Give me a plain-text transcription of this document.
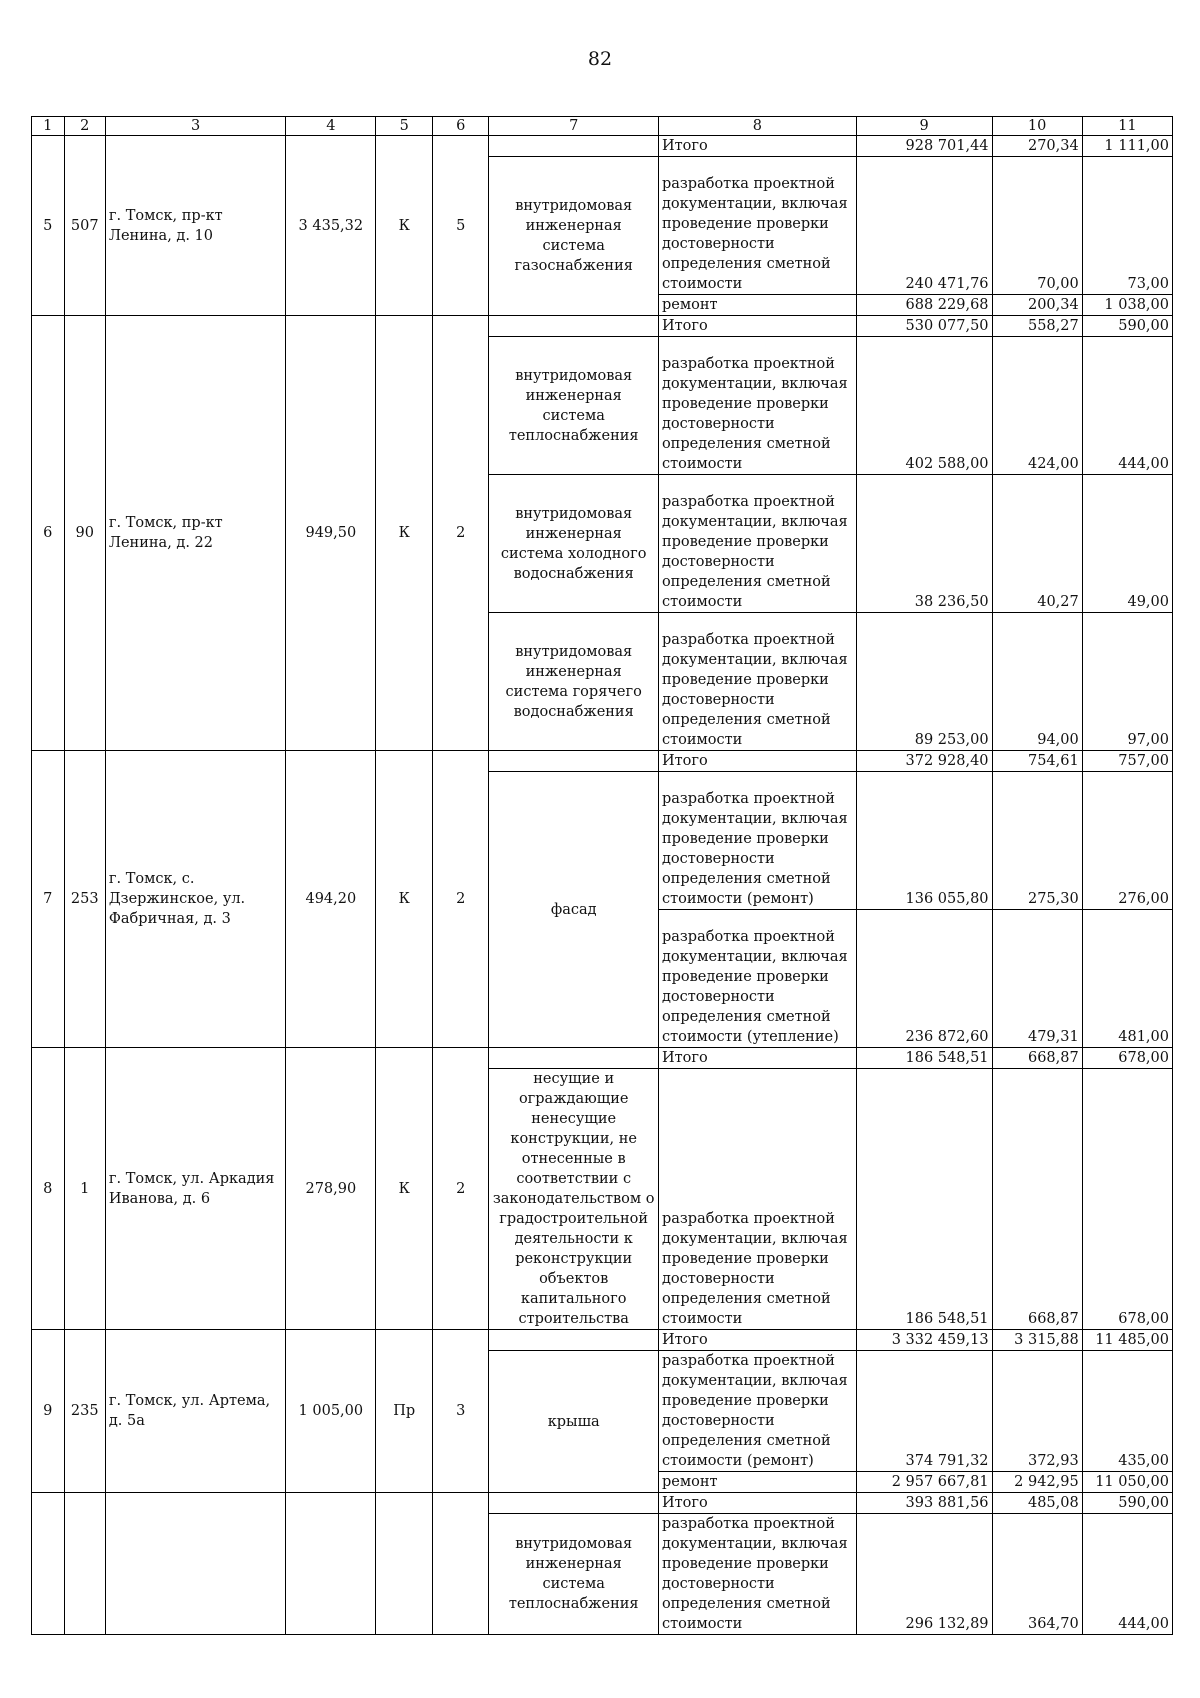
82
1	2	3	4	5	6	7	8	9	10	11
5	507	г. Томск, пр-кт Ленина, д. 10	3 435,32	К	5		Итого	928 701,44	270,34	1 111,00
						внутридомовая инженерная система газоснабжения	разработка проектной документации, включая проведение проверки достоверности определения сметной стоимости	240 471,76	70,00	73,00
							ремонт	688 229,68	200,34	1 038,00
6	90	г. Томск, пр-кт Ленина, д. 22	949,50	К	2		Итого	530 077,50	558,27	590,00
						внутридомовая инженерная система теплоснабжения	разработка проектной документации, включая проведение проверки достоверности определения сметной стоимости	402 588,00	424,00	444,00
						внутридомовая инженерная система холодного водоснабжения	разработка проектной документации, включая проведение проверки достоверности определения сметной стоимости	38 236,50	40,27	49,00
						внутридомовая инженерная система горячего водоснабжения	разработка проектной документации, включая проведение проверки достоверности определения сметной стоимости	89 253,00	94,00	97,00
7	253	г. Томск, с. Дзержинское, ул. Фабричная, д. 3	494,20	К	2		Итого	372 928,40	754,61	757,00
						фасад	разработка проектной документации, включая проведение проверки достоверности определения сметной стоимости (ремонт)	136 055,80	275,30	276,00
							разработка проектной документации, включая проведение проверки достоверности определения сметной стоимости (утепление)	236 872,60	479,31	481,00
8	1	г. Томск, ул. Аркадия Иванова, д. 6	278,90	К	2		Итого	186 548,51	668,87	678,00
						несущие и ограждающие ненесущие конструкции, не отнесенные в соответствии с законодательством о градостроительной деятельности к реконструкции объектов капитального строительства	разработка проектной документации, включая проведение проверки достоверности определения сметной стоимости	186 548,51	668,87	678,00
9	235	г. Томск, ул. Артема, д. 5а	1 005,00	Пр	3		Итого	3 332 459,13	3 315,88	11 485,00
						крыша	разработка проектной документации, включая проведение проверки достоверности определения сметной стоимости (ремонт)	374 791,32	372,93	435,00
							ремонт	2 957 667,81	2 942,95	11 050,00
							Итого	393 881,56	485,08	590,00
						внутридомовая инженерная система теплоснабжения	разработка проектной документации, включая проведение проверки достоверности определения сметной стоимости	296 132,89	364,70	444,00
